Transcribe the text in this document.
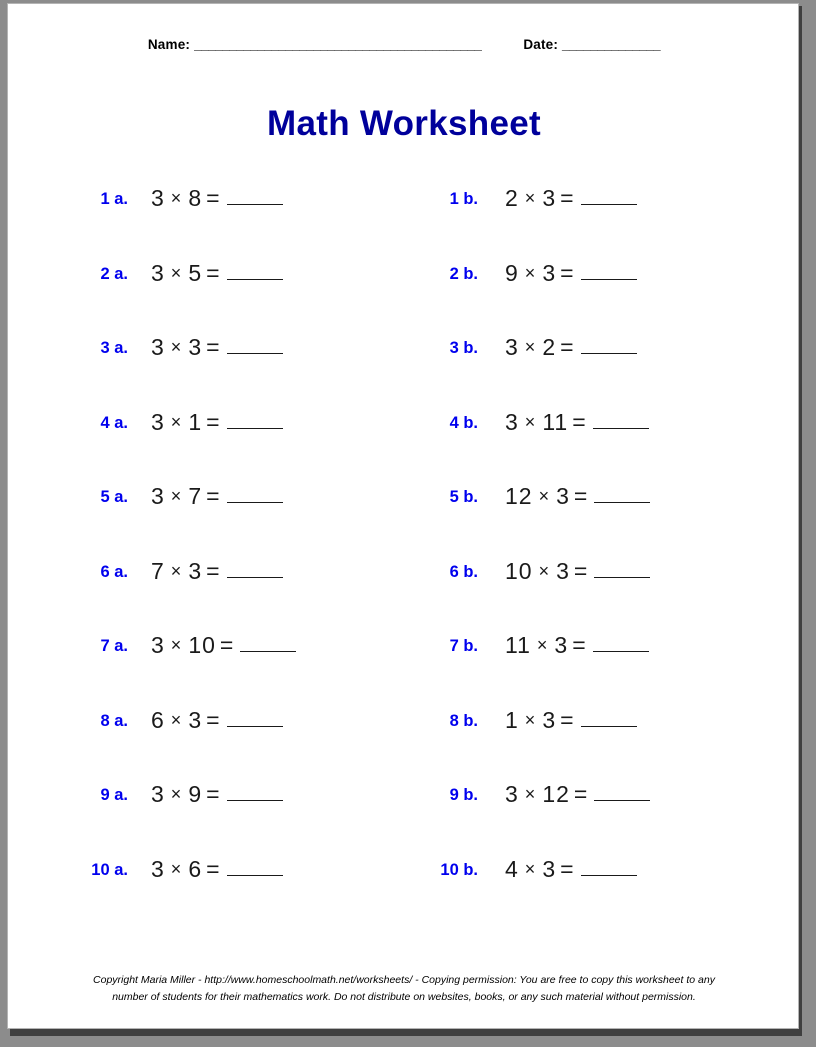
Name: _________________________________________	Date: ______________
Math Worksheet
1 a. 3 × 8 =	1 b. 2 × 3 =
2 a. 3 × 5 =	2 b. 9 × 3 =
3 a. 3 × 3 =	3 b. 3 × 2 =
4 a. 3 × 1 =	4 b. 3 × 11 =
5 a. 3 × 7 =	5 b. 12 × 3 =
6 a. 7 × 3 =	6 b. 10 × 3 =
7 a. 3 × 10 =	7 b. 11 × 3 =
8 a. 6 × 3 =	8 b. 1 × 3 =
9 a. 3 × 9 =	9 b. 3 × 12 =
10 a. 3 × 6 =	10 b. 4 × 3 =
Copyright Maria Miller - http://www.homeschoolmath.net/worksheets/ - Copying permission: You are free to copy this worksheet to any
number of students for their mathematics work. Do not distribute on websites, books, or any such material without permission.
